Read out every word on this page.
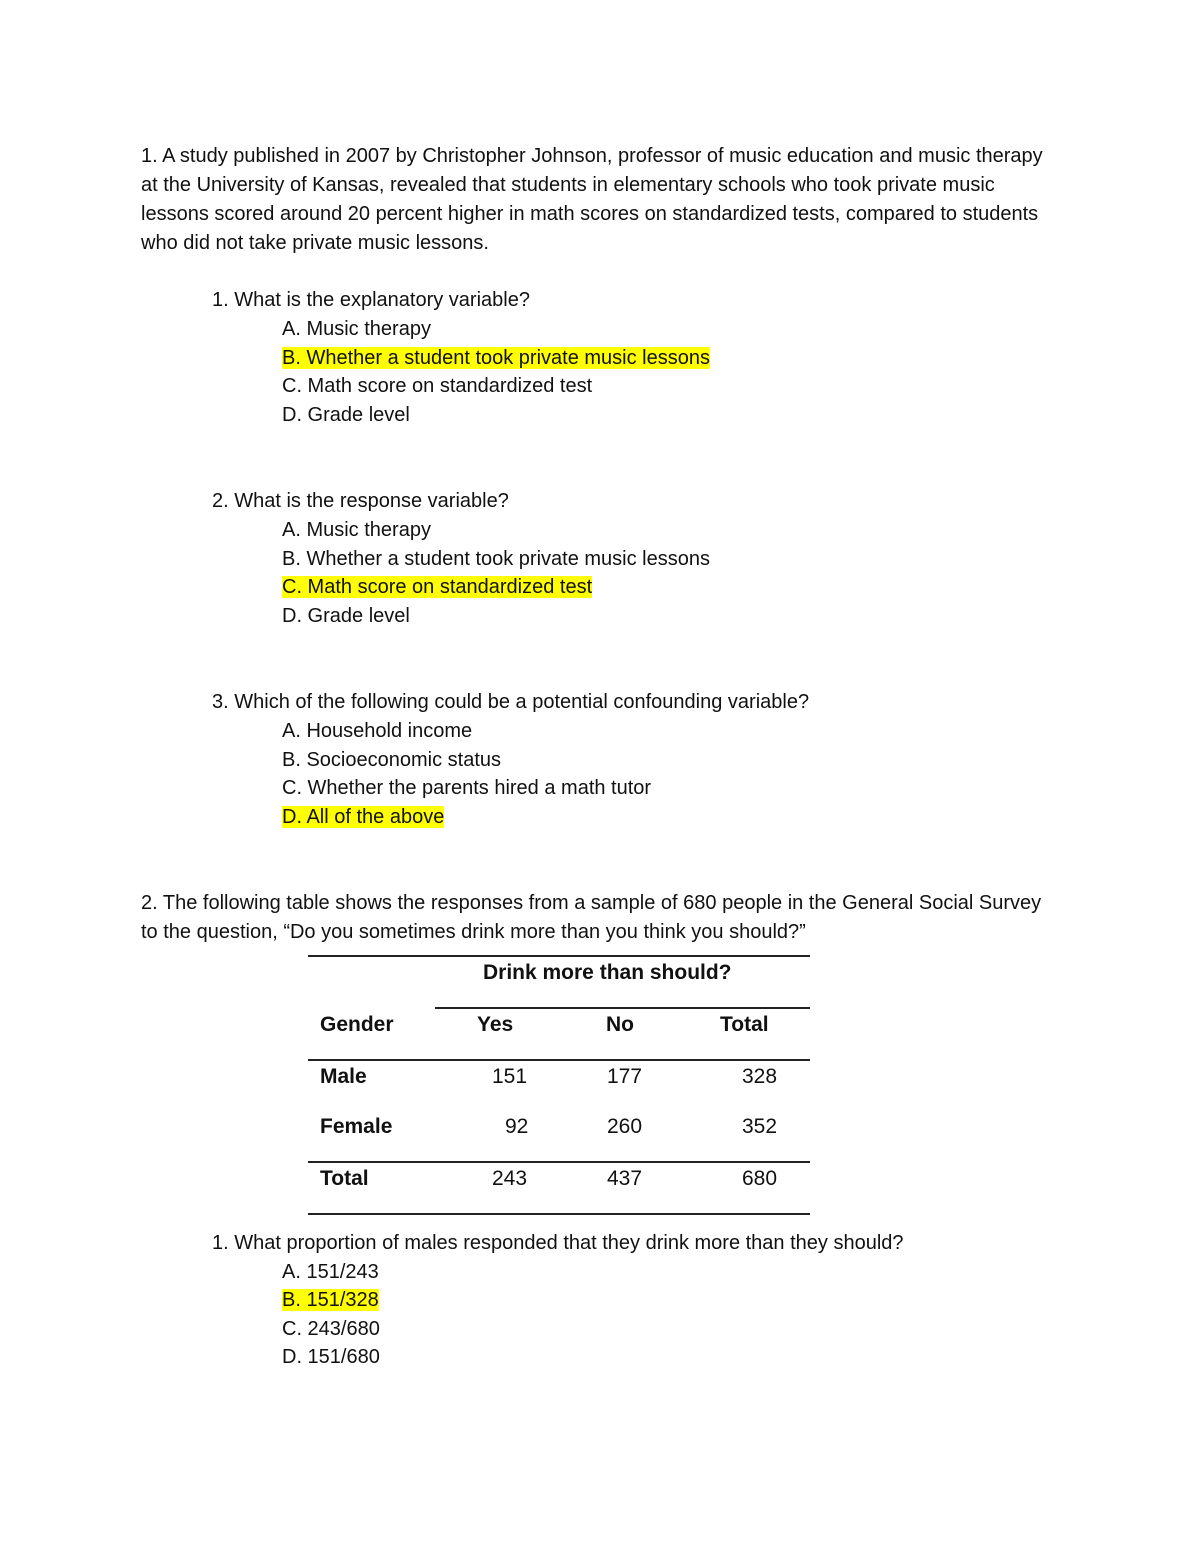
1. A study published in 2007 by Christopher Johnson, professor of music education and music therapy at the University of Kansas, revealed that students in elementary schools who took private music lessons scored around 20 percent higher in math scores on standardized tests, compared to students who did not take private music lessons.

1. What is the explanatory variable?

A. Music therapy

B. Whether a student took private music lessons

C. Math score on standardized test

D. Grade level

2. What is the response variable?

A. Music therapy

B. Whether a student took private music lessons

C. Math score on standardized test

D. Grade level

3. Which of the following could be a potential confounding variable?

A. Household income

B. Socioeconomic status

C. Whether the parents hired a math tutor

D. All of the above

2. The following table shows the responses from a sample of 680 people in the General Social Survey to the question, “Do you sometimes drink more than you think you should?”

Drink more than should?
Gender	Yes	No	Total
Male	151	177	328
Female	92	260	352
Total	243	437	680

1. What proportion of males responded that they drink more than they should?

A. 151/243

B. 151/328

C. 243/680

D. 151/680
